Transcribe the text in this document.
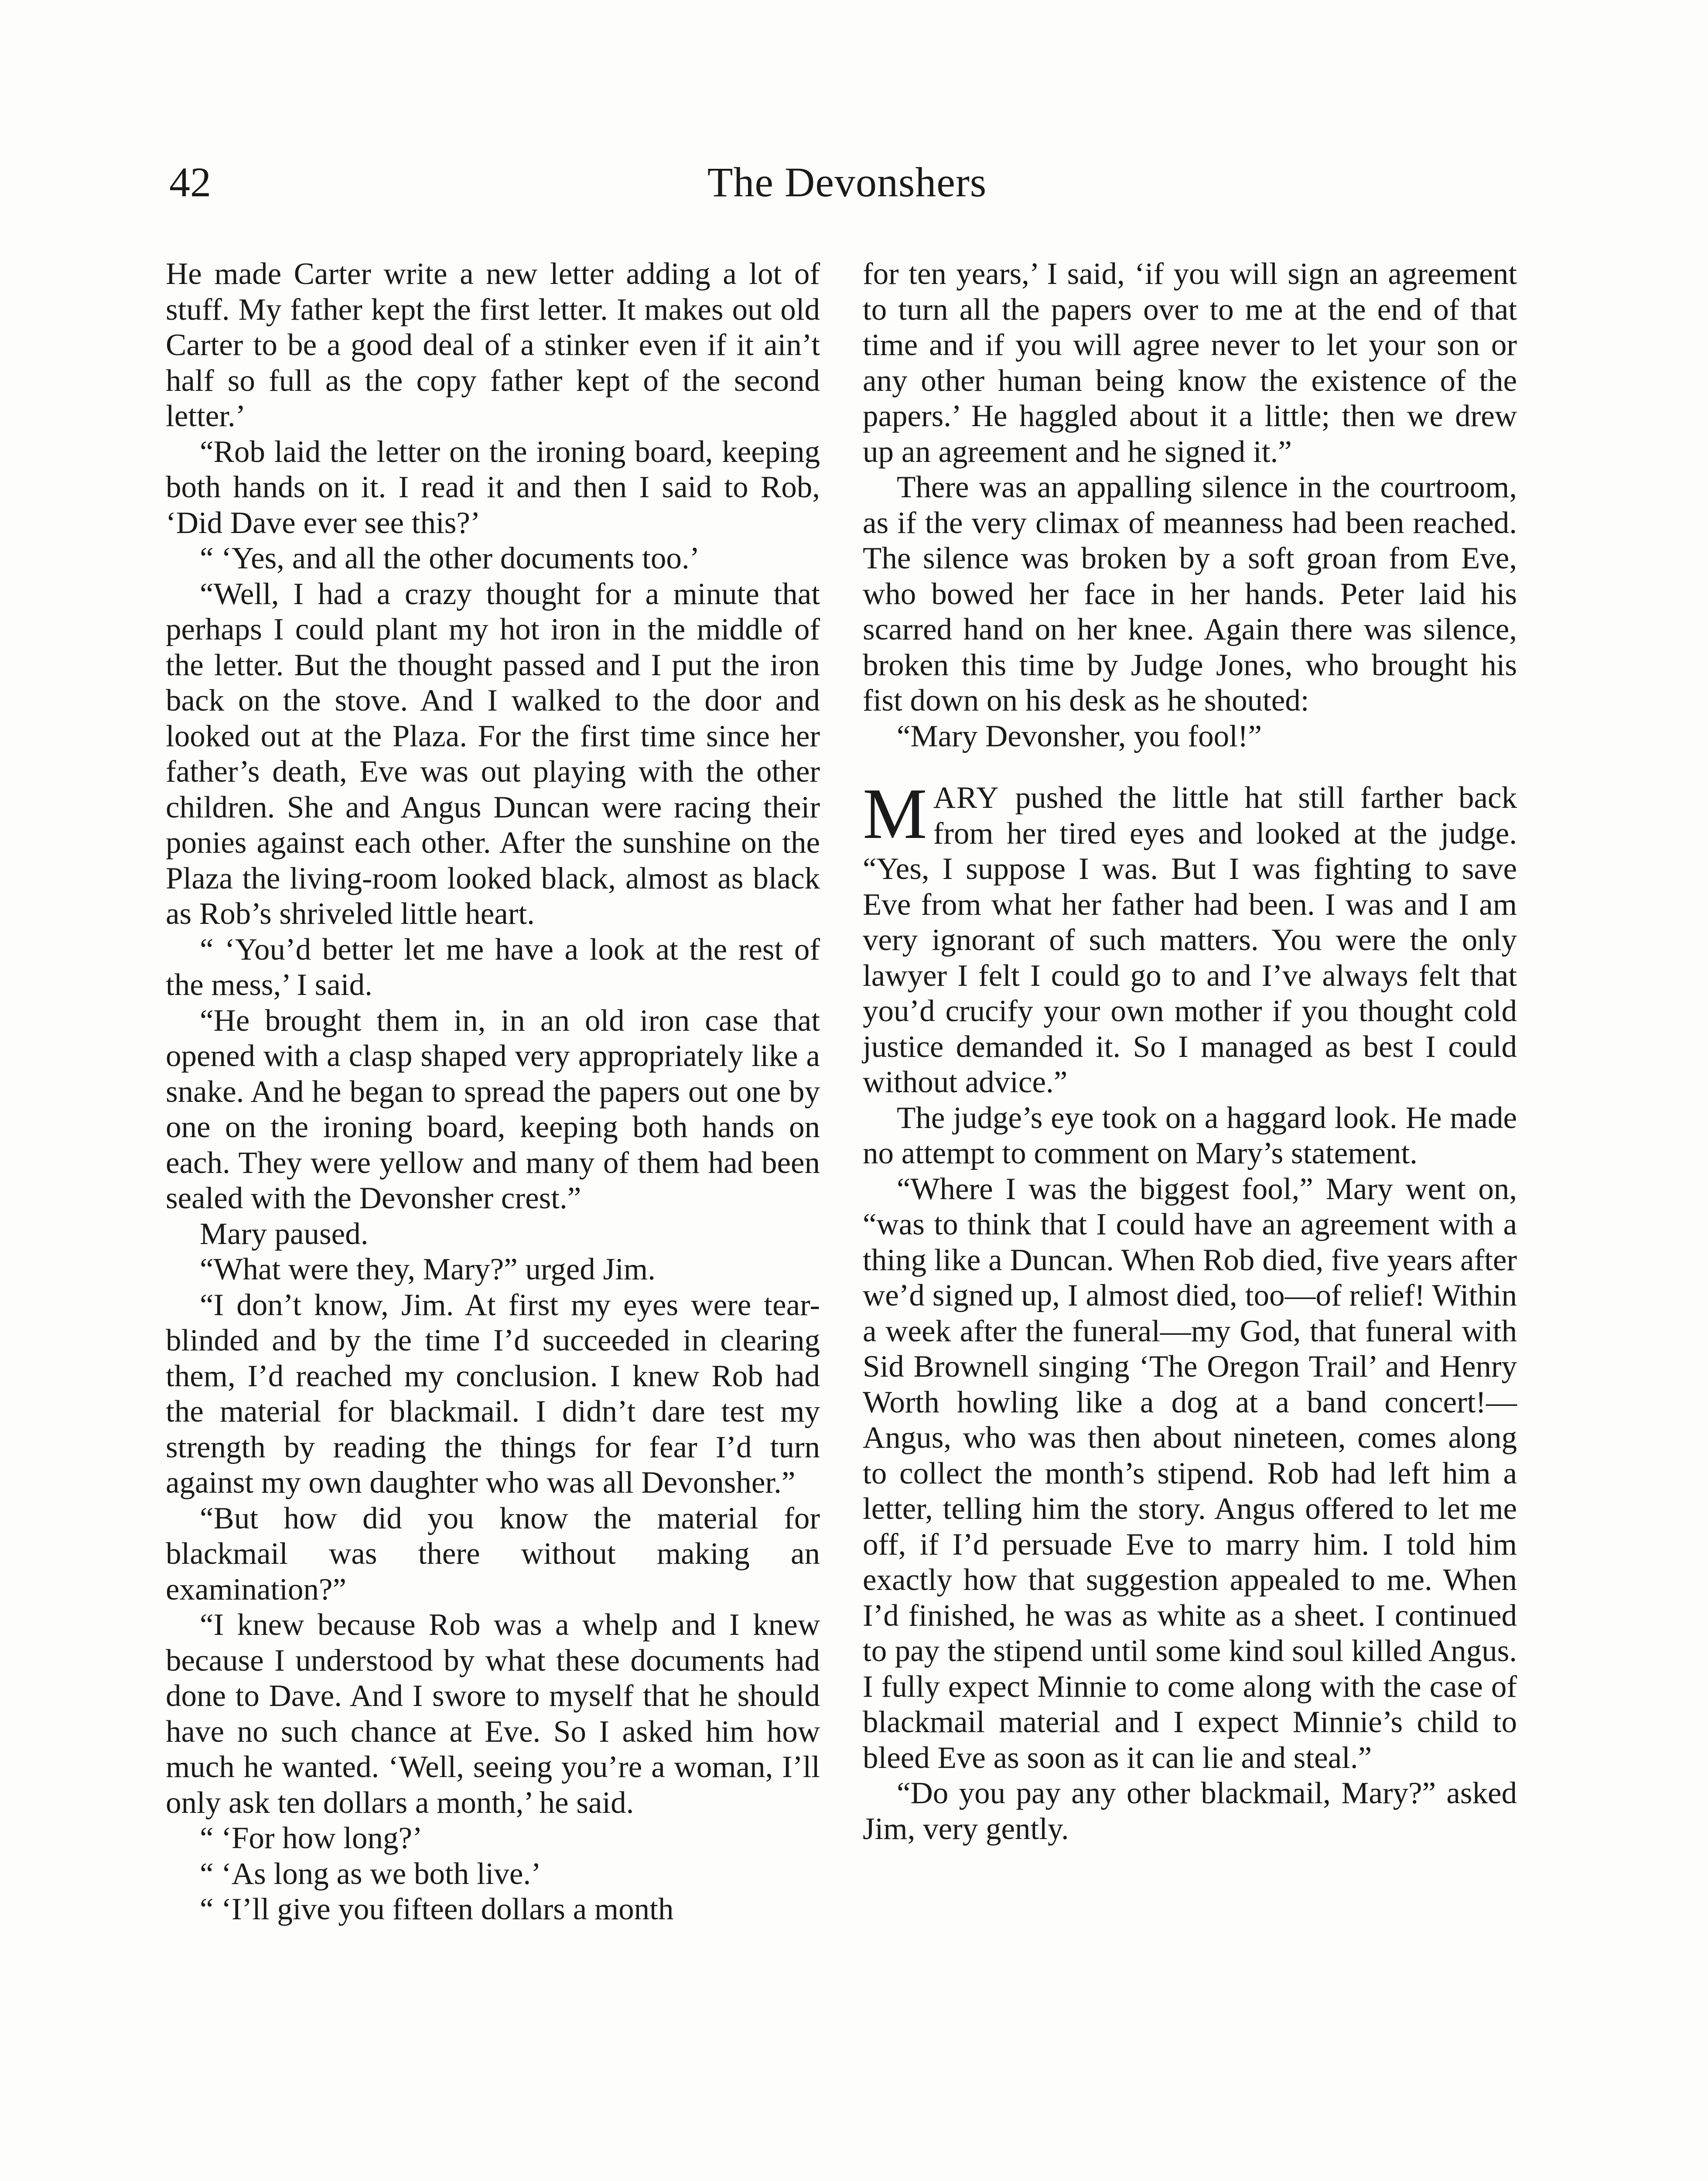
42	The Devonshers

He made Carter write a new letter adding a lot of stuff. My father kept the first letter. It makes out old Carter to be a good deal of a stinker even if it ain’t half so full as the copy father kept of the second letter.’

“Rob laid the letter on the ironing board, keeping both hands on it. I read it and then I said to Rob, ‘Did Dave ever see this?’

“ ‘Yes, and all the other documents too.’

“Well, I had a crazy thought for a minute that perhaps I could plant my hot iron in the middle of the letter. But the thought passed and I put the iron back on the stove. And I walked to the door and looked out at the Plaza. For the first time since her father’s death, Eve was out playing with the other children. She and Angus Duncan were racing their ponies against each other. After the sunshine on the Plaza the living-room looked black, almost as black as Rob’s shriveled little heart.

“ ‘You’d better let me have a look at the rest of the mess,’ I said.

“He brought them in, in an old iron case that opened with a clasp shaped very appropriately like a snake. And he began to spread the papers out one by one on the ironing board, keeping both hands on each. They were yellow and many of them had been sealed with the Devonsher crest.”

Mary paused.

“What were they, Mary?” urged Jim.

“I don’t know, Jim. At first my eyes were tear-blinded and by the time I’d succeeded in clearing them, I’d reached my conclusion. I knew Rob had the material for blackmail. I didn’t dare test my strength by reading the things for fear I’d turn against my own daughter who was all Devonsher.”

“But how did you know the material for blackmail was there without making an examination?”

“I knew because Rob was a whelp and I knew because I understood by what these documents had done to Dave. And I swore to myself that he should have no such chance at Eve. So I asked him how much he wanted. ‘Well, seeing you’re a woman, I’ll only ask ten dollars a month,’ he said.

“ ‘For how long?’

“ ‘As long as we both live.’

“ ‘I’ll give you fifteen dollars a month

for ten years,’ I said, ‘if you will sign an agreement to turn all the papers over to me at the end of that time and if you will agree never to let your son or any other human being know the existence of the papers.’ He haggled about it a little; then we drew up an agreement and he signed it.”

There was an appalling silence in the courtroom, as if the very climax of meanness had been reached. The silence was broken by a soft groan from Eve, who bowed her face in her hands. Peter laid his scarred hand on her knee. Again there was silence, broken this time by Judge Jones, who brought his fist down on his desk as he shouted:

“Mary Devonsher, you fool!”

MARY pushed the little hat still farther back from her tired eyes and looked at the judge. “Yes, I suppose I was. But I was fighting to save Eve from what her father had been. I was and I am very ignorant of such matters. You were the only lawyer I felt I could go to and I’ve always felt that you’d crucify your own mother if you thought cold justice demanded it. So I managed as best I could without advice.”

The judge’s eye took on a haggard look. He made no attempt to comment on Mary’s statement.

“Where I was the biggest fool,” Mary went on, “was to think that I could have an agreement with a thing like a Duncan. When Rob died, five years after we’d signed up, I almost died, too—of relief! Within a week after the funeral—my God, that funeral with Sid Brownell singing ‘The Oregon Trail’ and Henry Worth howling like a dog at a band concert!—Angus, who was then about nineteen, comes along to collect the month’s stipend. Rob had left him a letter, telling him the story. Angus offered to let me off, if I’d persuade Eve to marry him. I told him exactly how that suggestion appealed to me. When I’d finished, he was as white as a sheet. I continued to pay the stipend until some kind soul killed Angus. I fully expect Minnie to come along with the case of blackmail material and I expect Minnie’s child to bleed Eve as soon as it can lie and steal.”

“Do you pay any other blackmail, Mary?” asked Jim, very gently.
